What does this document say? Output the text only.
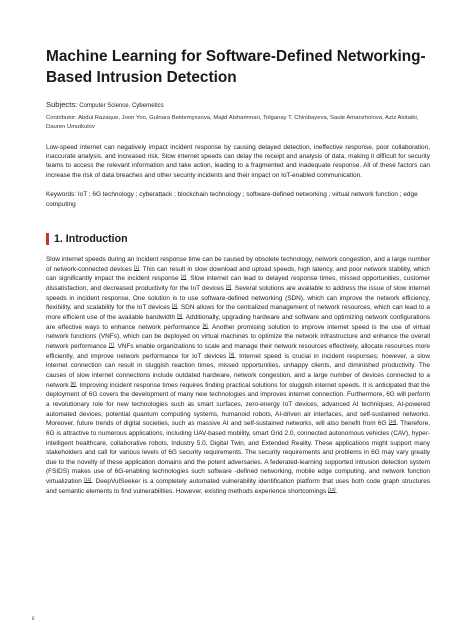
Machine Learning for Software-Defined Networking-Based Intrusion Detection
Subjects: Computer Science, Cybernetics
Contributor: Abdul Razaque, Joon Yoo, Gulnara Bektemyssova, Majid Alshammari, Tolganay T. Chinibayeva, Saule Amanzholova, Aziz Alotaibi, Dauren Umutkulov
Low-speed internet can negatively impact incident response by causing delayed detection, ineffective response, poor collaboration, inaccurate analysis, and increased risk. Slow internet speeds can delay the receipt and analysis of data, making it difficult for security teams to access the relevant information and take action, leading to a fragmented and inadequate response. All of these factors can increase the risk of data breaches and other security incidents and their impact on IoT-enabled communication.
Keywords: IoT ; 6G technology ; cyberattack ; blockchain technology ; software-defined networking ; virtual network function ; edge computing
1. Introduction

Slow internet speeds during an incident response time can be caused by obsolete technology, network congestion, and a large number of network-connected devices [1]. This can result in slow download and upload speeds, high latency, and poor network stability, which can significantly impact the incident response [2]. Slow internet can lead to delayed response times, missed opportunities, customer dissatisfaction, and decreased productivity for the IoT devices [3]. Several solutions are available to address the issue of slow internet speeds in incident response. One solution is to use software-defined networking (SDN), which can improve the network efficiency, flexibility, and scalability for the IoT devices [4]. SDN allows for the centralized management of network resources, which can lead to a more efficient use of the available bandwidth [5]. Additionally, upgrading hardware and software and optimizing network configurations are effective ways to enhance network performance [6]. Another promising solution to improve internet speed is the use of virtual network functions (VNFs), which can be deployed on virtual machines to optimize the network infrastructure and enhance the overall network performance [7]. VNFs enable organizations to scale and manage their network resources effectively, allocate resources more efficiently, and improve network performance for IoT devices [8]. Internet speed is crucial in incident responses; however, a slow internet connection can result in sluggish reaction times, missed opportunities, unhappy clients, and diminished productivity. The causes of slow internet connections include outdated hardware, network congestion, and a large number of devices connected to a network [9]. Improving incident response times requires finding practical solutions for sluggish internet speeds. It is anticipated that the deployment of 6G covers the development of many new technologies and improves internet connection. Furthermore, 6G will perform a revolutionary role for new technologies such as smart surfaces, zero-energy IoT devices, advanced AI techniques, AI-powered automated devices, potential quantum computing systems, humanoid robots, AI-driven air interfaces, and self-sustained networks. Moreover, future trends of digital societies, such as massive AI and self-sustained networks, will also benefit from 6G [10]. Therefore, 6G is attractive to numerous applications, including UAV-based mobility, smart Grid 2.0, connected autonomous vehicles (CAV), hyper-intelligent healthcare, collaborative robots, Industry 5.0, Digital Twin, and Extended Reality. These applications might support many stakeholders and call for various levels of 6G security requirements. The security requirements and problems in 6G may vary greatly due to the novelty of these application domains and the potent adversaries. A federated-learning supported intrusion detection system (FSIDS) makes use of 6G-enabling technologies such software -defined networking, mobile edge computing, and network function virtualization [11]. DeepVulSeeker is a completely automated vulnerability identification platform that uses both code graph structures and semantic elements to find vulnerabilities. However, existing methods experience shortcomings [12].

ε
